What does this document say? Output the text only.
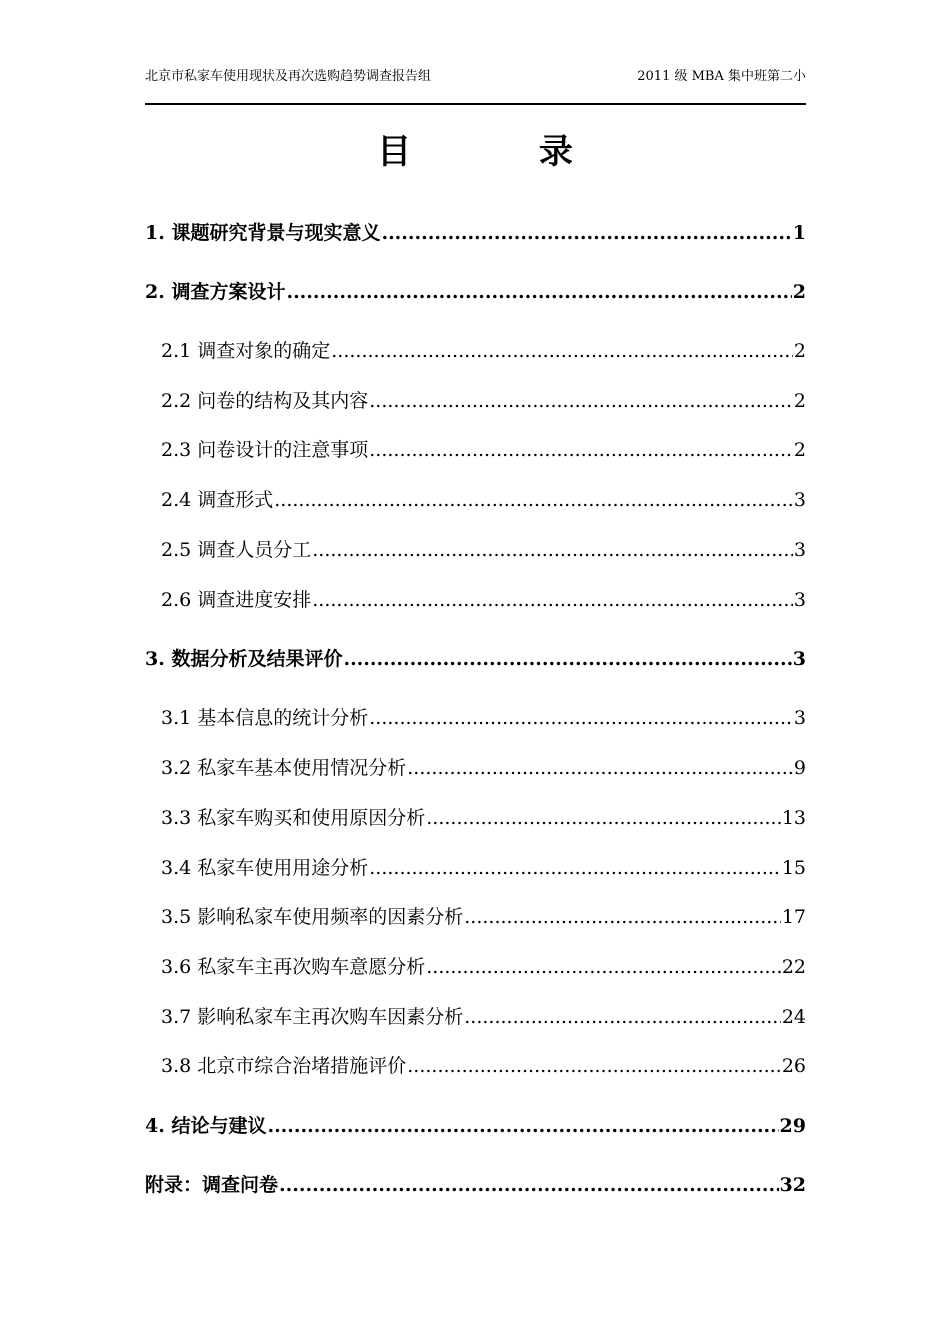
北京市私家车使用现状及再次选购趋势调查报告组	2011 级 MBA 集中班第二小
目 录
1. 课题研究背景与现实意义 .....	1
2. 调查方案设计 .....	2
2.1 调查对象的确定 .....	2
2.2 问卷的结构及其内容 .....	2
2.3 问卷设计的注意事项 .....	2
2.4 调查形式 .....	3
2.5 调查人员分工 .....	3
2.6 调查进度安排 .....	3
3. 数据分析及结果评价 .....	3
3.1 基本信息的统计分析 .....	3
3.2 私家车基本使用情况分析 .....	9
3.3 私家车购买和使用原因分析 .....	13
3.4 私家车使用用途分析 .....	15
3.5 影响私家车使用频率的因素分析 .....	17
3.6 私家车主再次购车意愿分析 .....	22
3.7 影响私家车主再次购车因素分析 .....	24
3.8 北京市综合治堵措施评价 .....	26
4. 结论与建议 .....	29
附录：调查问卷 .....	32
